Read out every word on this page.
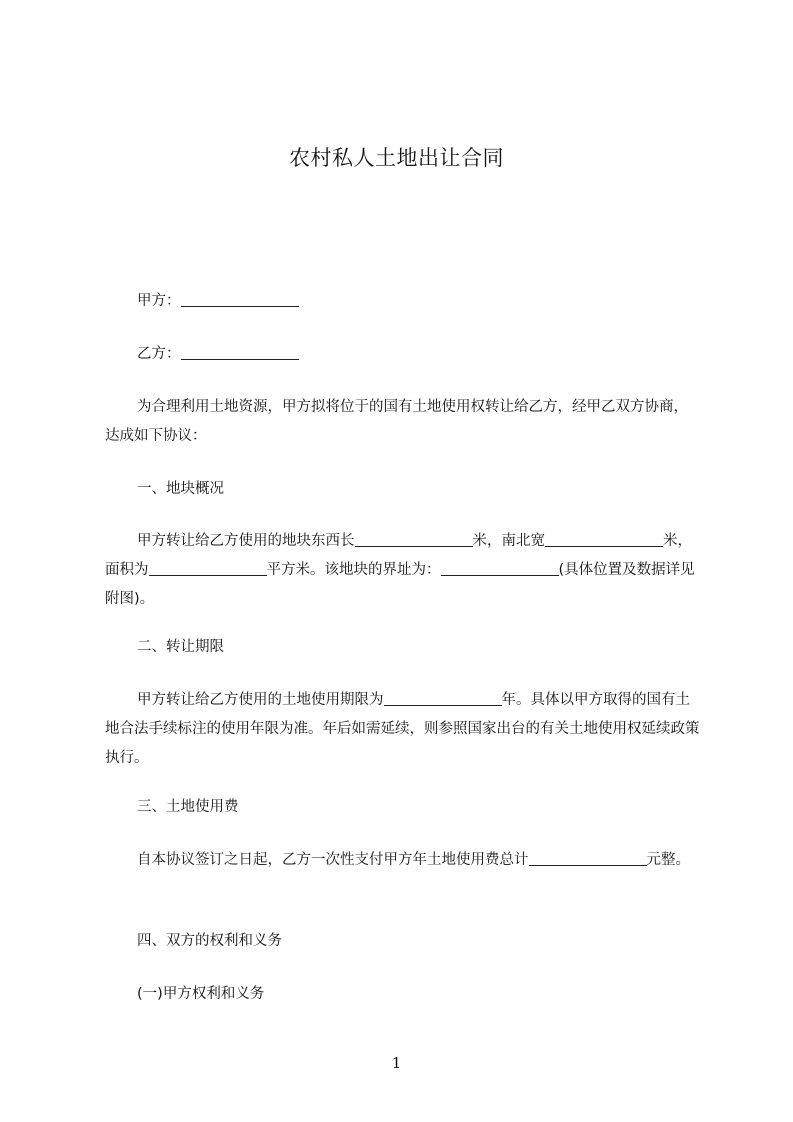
农村私人土地出让合同

甲方：

乙方：

为合理利用土地资源，甲方拟将位于的国有土地使用权转让给乙方，经甲乙双方协商，达成如下协议：

一、地块概况

甲方转让给乙方使用的地块东西长	米，南北宽	米，面积为	平方米。该地块的界址为：	(具体位置及数据详见附图)。

二、转让期限

甲方转让给乙方使用的土地使用期限为	年。具体以甲方取得的国有土地合法手续标注的使用年限为准。年后如需延续，则参照国家出台的有关土地使用权延续政策执行。

三、土地使用费

自本协议签订之日起，乙方一次性支付甲方年土地使用费总计	元整。

四、双方的权利和义务

(一)甲方权利和义务

1
